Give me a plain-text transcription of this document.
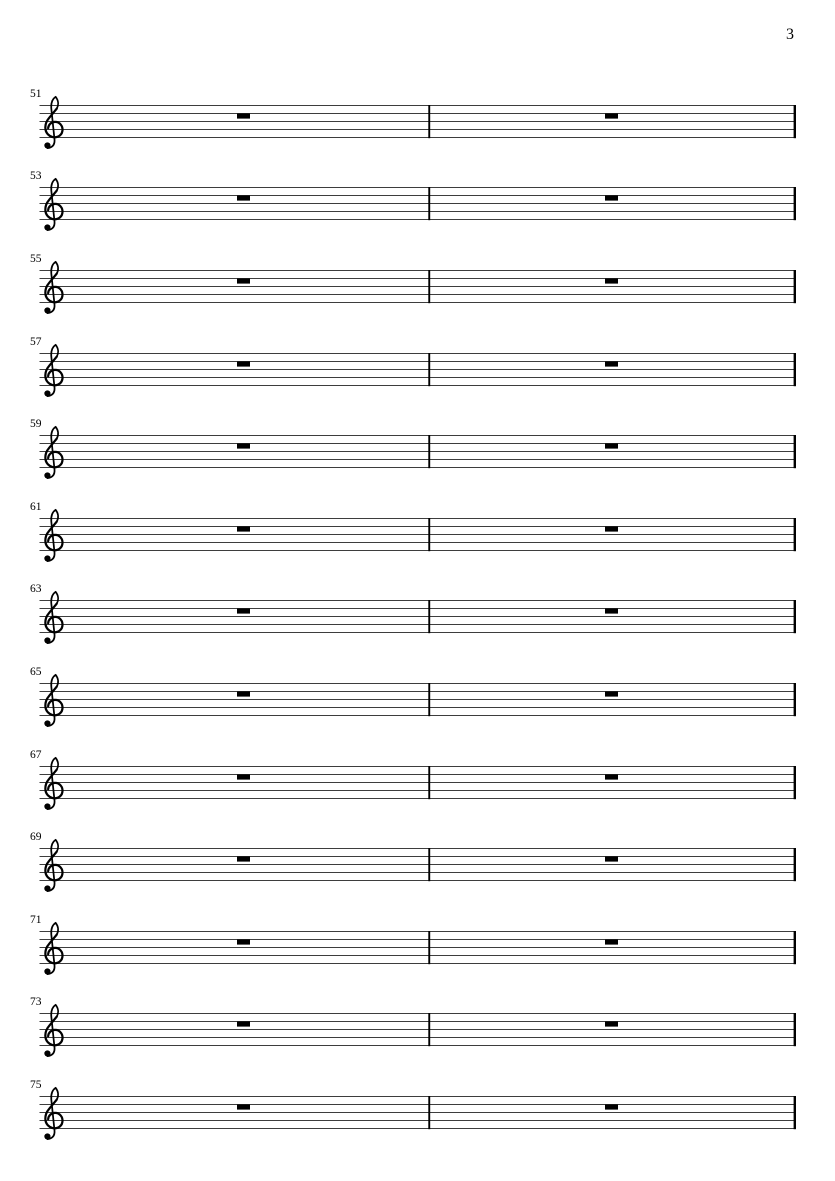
3
51
53
55
57
59
61
63
65
67
69
71
73
75
